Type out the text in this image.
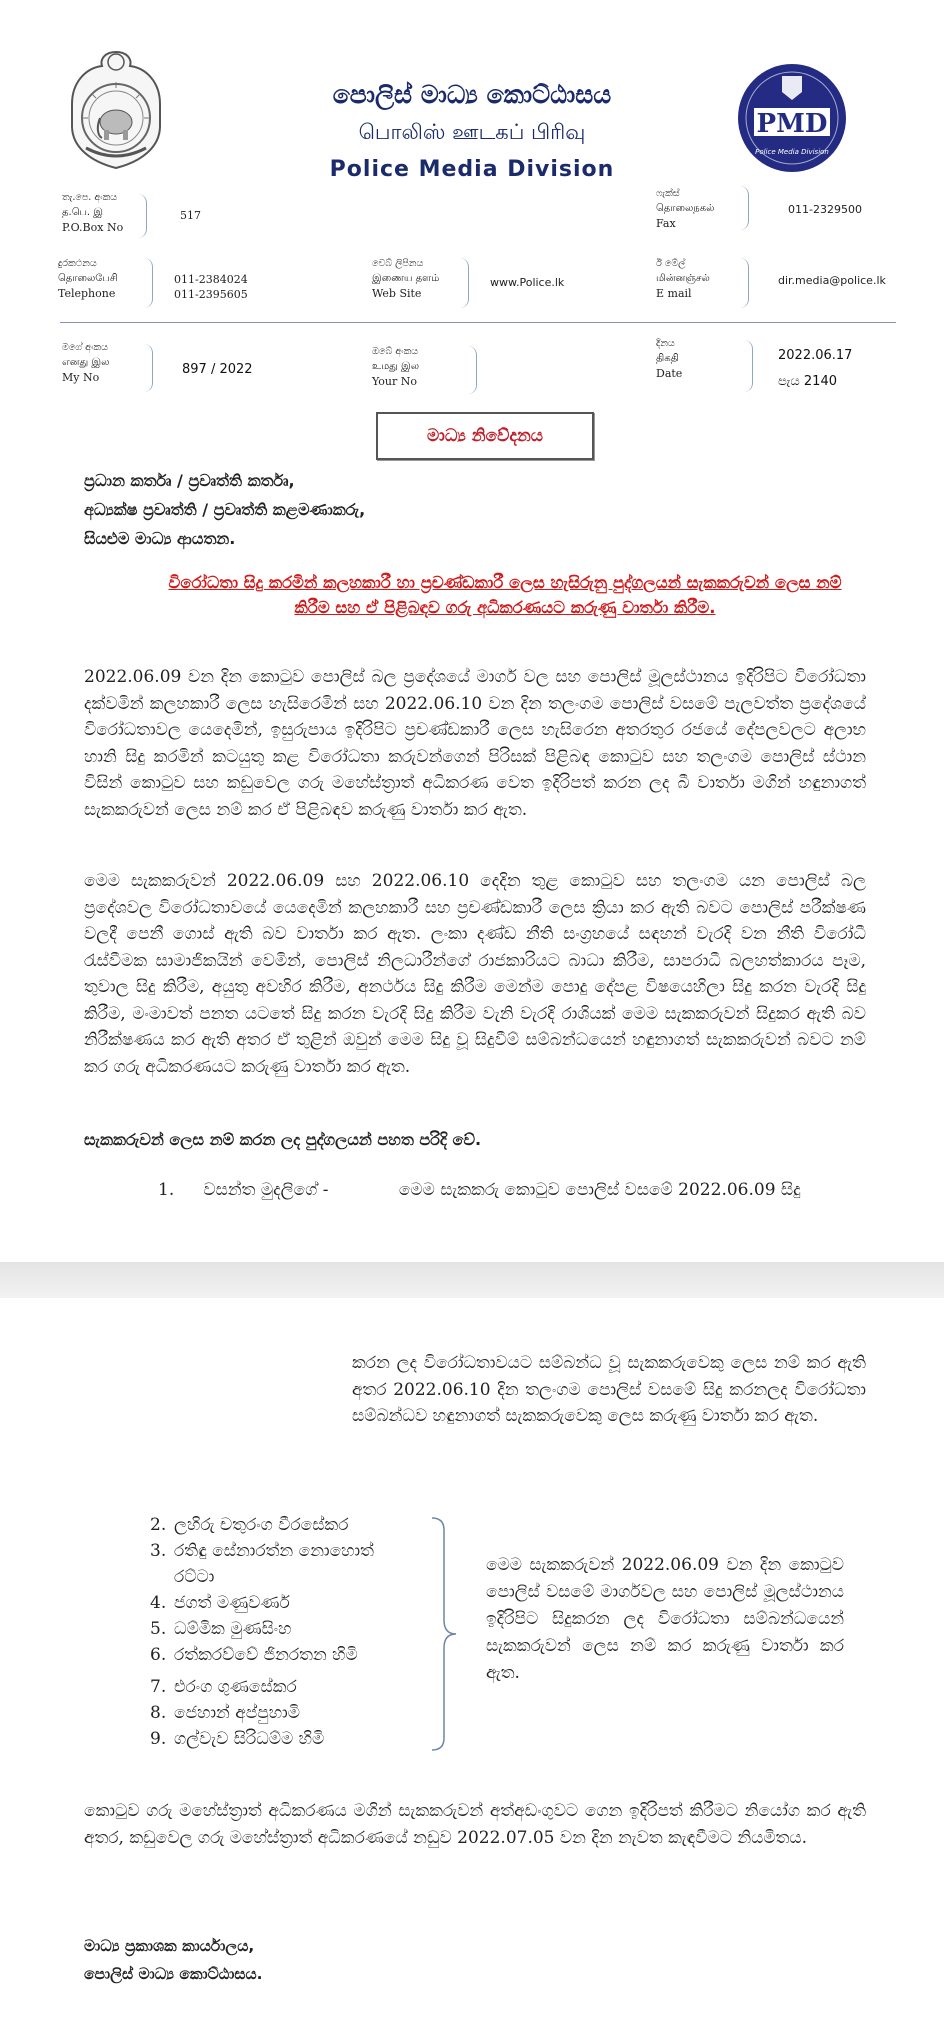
පොලිස් මාධ්‍ය කොට්ඨාසය
பொலிஸ் ஊடகப் பிரிவு
Police Media Division
PMD
Police Media Division
තැ.පෙ. අංකය
த.பெ. இ
P.O.Box No
517
ෆැක්ස්
தொலைநகல்
Fax
011-2329500
දුරකථනය
தொலைபேசி
Telephone
011-2384024
011-2395605
වෙබ් ලිපිනය
இணைய தளம்
Web Site
www.Police.lk
ඊ මේල්
மின்னஞ்சல்
E mail
dir.media@police.lk
මගේ අංකය
எனது இல
My No
897 / 2022
ඔබේ අංකය
உமது இல
Your No
දිනය
திகதி
Date
2022.06.17
පැය 2140
මාධ්‍ය නිවේදනය
ප්‍රධාන කර්තෘ / ප්‍රවෘත්ති කර්තෘ,
අධ්‍යක්ෂ ප්‍රවෘත්ති / ප්‍රවෘත්ති කළමණාකරු,
සියළුම මාධ්‍ය ආයතන.
විරෝධතා සිදු කරමින් කලහකාරී හා ප්‍රචණ්ඩකාරී ලෙස හැසිරුනු පුද්ගලයන් සැකකරුවන් ලෙස නම් කිරීම සහ ඒ පිළිබඳව ගරු අධිකරණයට කරුණු වාර්තා කිරීම.
2022.06.09 වන දින කොටුව පොලිස් බල ප්‍රදේශයේ මාර්ග වල සහ පොලිස් මූලස්ථානය ඉදිරිපිට විරෝධතා දක්වමින් කලහකාරී ලෙස හැසිරෙමින් සහ 2022.06.10 වන දින තලංගම පොලිස් වසමේ පැලවත්ත ප්‍රදේශයේ විරෝධතාවල යෙදෙමින්, ඉසුරුපාය ඉදිරිපිට ප්‍රචණ්ඩකාරී ලෙස හැසිරෙන අතරතුර රජයේ දේපලවලට අලාභ හානි සිදු කරමින් කටයුතු කළ විරෝධතා කරුවන්ගෙන් පිරිසක් පිළිබඳ කොටුව සහ තලංගම පොලිස් ස්ථාන විසින් කොටුව සහ කඩුවෙල ගරු මහේස්ත්‍රාත් අධිකරණ වෙත ඉදිරිපත් කරන ලද බී වාර්තා මගින් හඳුනාගත් සැකකරුවන් ලෙස නම් කර ඒ පිළිබඳව කරුණු වාර්තා කර ඇත.
මෙම සැකකරුවන් 2022.06.09 සහ 2022.06.10 දෙදින තුළ කොටුව සහ තලංගම යන පොලිස් බල ප්‍රදේශවල විරෝධතාවයේ යෙදෙමින් කලහකාරී සහ ප්‍රචණ්ඩකාරී ලෙස ක්‍රියා කර ඇති බවට පොලිස් පරීක්ෂණ වලදී පෙනී ගොස් ඇති බව වාර්තා කර ඇත. ලංකා දණ්ඩ නීති සංග්‍රහයේ සඳහන් වැරදි වන නීති විරෝධී රැස්වීමක සාමාජිකයින් වෙමින්, පොලිස් නිලධාරීන්ගේ රාජකාරියට බාධා කිරීම, සාපරාධී බලහත්කාරය පෑම, තුවාල සිදු කිරීම, අයුතු අවහිර කිරීම, අනර්ථය සිදු කිරීම මෙන්ම පොදු දේපළ විෂයෙහිලා සිදු කරන වැරදි සිදු කිරීම, මංමාවත් පනත යටතේ සිදු කරන වැරදි සිදු කිරීම වැනි වැරදි රාශියක් මෙම සැකකරුවන් සිදුකර ඇති බව නිරීක්ෂණය කර ඇති අතර ඒ තුළින් ඔවුන් මෙම සිදු වූ සිදුවීම් සම්බන්ධයෙන් හඳුනාගත් සැකකරුවන් බවට නම් කර ගරු අධිකරණයට කරුණු වාර්තා කර ඇත.
සැකකරුවන් ලෙස නම් කරන ලද පුද්ගලයන් පහත පරිදි වේ.
1. වසන්ත මුදලිගේ -	මෙම සැකකරු කොටුව පොලිස් වසමේ 2022.06.09 සිදු
කරන ලද විරෝධතාවයට සම්බන්ධ වූ සැකකරුවෙකු ලෙස නම් කර ඇති අතර 2022.06.10 දින තලංගම පොලිස් වසමේ සිදු කරනලද විරෝධතා සම්බන්ධව හඳුනාගත් සැකකරුවෙකු ලෙස කරුණු වාර්තා කර ඇත.
2. ලහිරු චතුරංග වීරසේකර
3. රතිඳු සේනාරත්න නොහොත්
රට්ටා
4. ජගත් මණුවර්ණ
5. ධම්මික මුණසිංහ
6. රත්කරව්වේ ජිනරතන හිමි
7. එරංග ගුණසේකර
8. ජෙහාන් අප්පුහාමි
9. ගල්වැව සිරිධම්ම හිමි
මෙම සැකකරුවන් 2022.06.09 වන දින කොටුව පොලිස් වසමේ මාර්ගවල සහ පොලිස් මූලස්ථානය ඉදිරිපිට සිදුකරන ලද විරෝධතා සම්බන්ධයෙන් සැකකරුවන් ලෙස නම් කර කරුණු වාර්තා කර ඇත.
කොටුව ගරු මහේස්ත්‍රාත් අධිකරණය මගින් සැකකරුවන් අත්අඩංගුවට ගෙන ඉදිරිපත් කිරීමට නියෝග කර ඇති අතර, කඩුවෙල ගරු මහේස්ත්‍රාත් අධිකරණයේ නඩුව 2022.07.05 වන දින නැවත කැඳවීමට නියමිතය.
මාධ්‍ය ප්‍රකාශක කාර්යාලය,
පොලිස් මාධ්‍ය කොට්ඨාසය.
